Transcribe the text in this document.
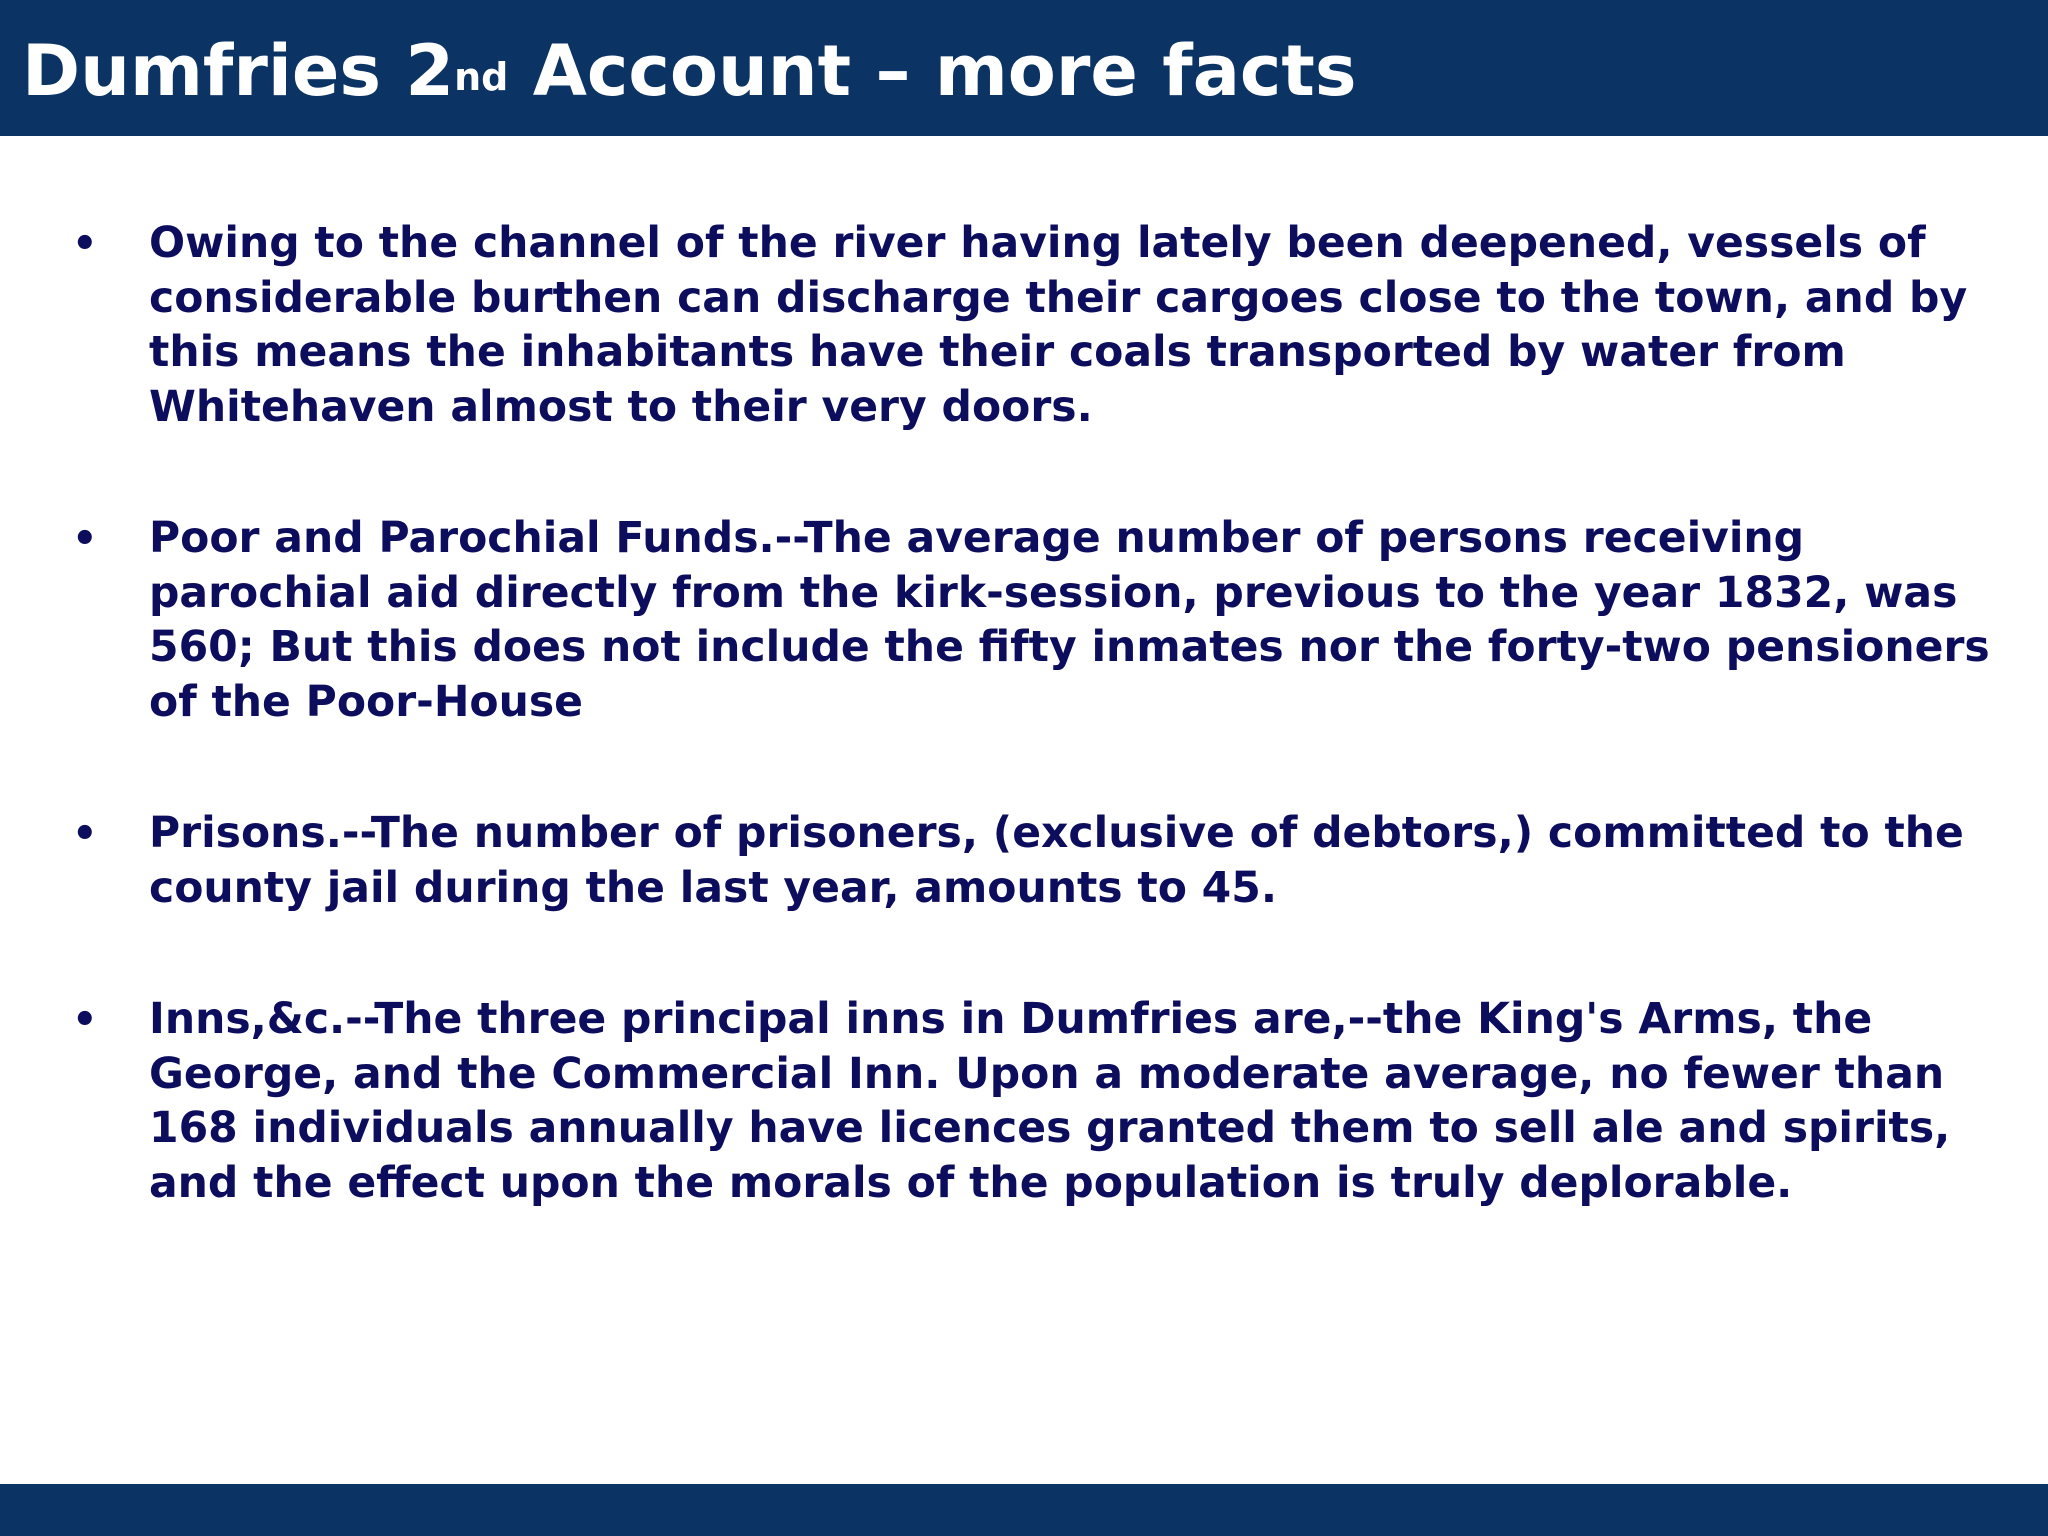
Dumfries 2nd Account – more facts
• Owing to the channel of the river having lately been deepened, vessels of considerable burthen can discharge their cargoes close to the town, and by this means the inhabitants have their coals transported by water from Whitehaven almost to their very doors.

• Poor and Parochial Funds.--The average number of persons receiving parochial aid directly from the kirk-session, previous to the year 1832, was 560; But this does not include the fifty inmates nor the forty-two pensioners of the Poor-House

• Prisons.--The number of prisoners, (exclusive of debtors,) committed to the county jail during the last year, amounts to 45.

• Inns,&c.--The three principal inns in Dumfries are,--the King's Arms, the George, and the Commercial Inn. Upon a moderate average, no fewer than 168 individuals annually have licences granted them to sell ale and spirits, and the effect upon the morals of the population is truly deplorable.
